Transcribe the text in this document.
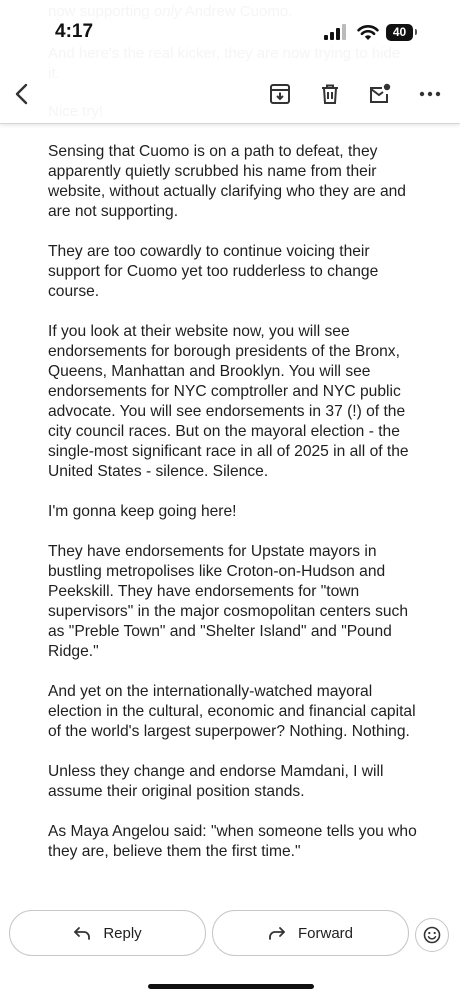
4:17	40

Sensing that Cuomo is on a path to defeat, they apparently quietly scrubbed his name from their website, without actually clarifying who they are and are not supporting.

They are too cowardly to continue voicing their support for Cuomo yet too rudderless to change course.

If you look at their website now, you will see endorsements for borough presidents of the Bronx, Queens, Manhattan and Brooklyn. You will see endorsements for NYC comptroller and NYC public advocate. You will see endorsements in 37 (!) of the city council races. But on the mayoral election - the single-most significant race in all of 2025 in all of the United States - silence. Silence.

I'm gonna keep going here!

They have endorsements for Upstate mayors in bustling metropolises like Croton-on-Hudson and Peekskill. They have endorsements for "town supervisors" in the major cosmopolitan centers such as "Preble Town" and "Shelter Island" and "Pound Ridge."

And yet on the internationally-watched mayoral election in the cultural, economic and financial capital of the world's largest superpower? Nothing. Nothing.

Unless they change and endorse Mamdani, I will assume their original position stands.

As Maya Angelou said: "when someone tells you who they are, believe them the first time."

Reply	Forward
